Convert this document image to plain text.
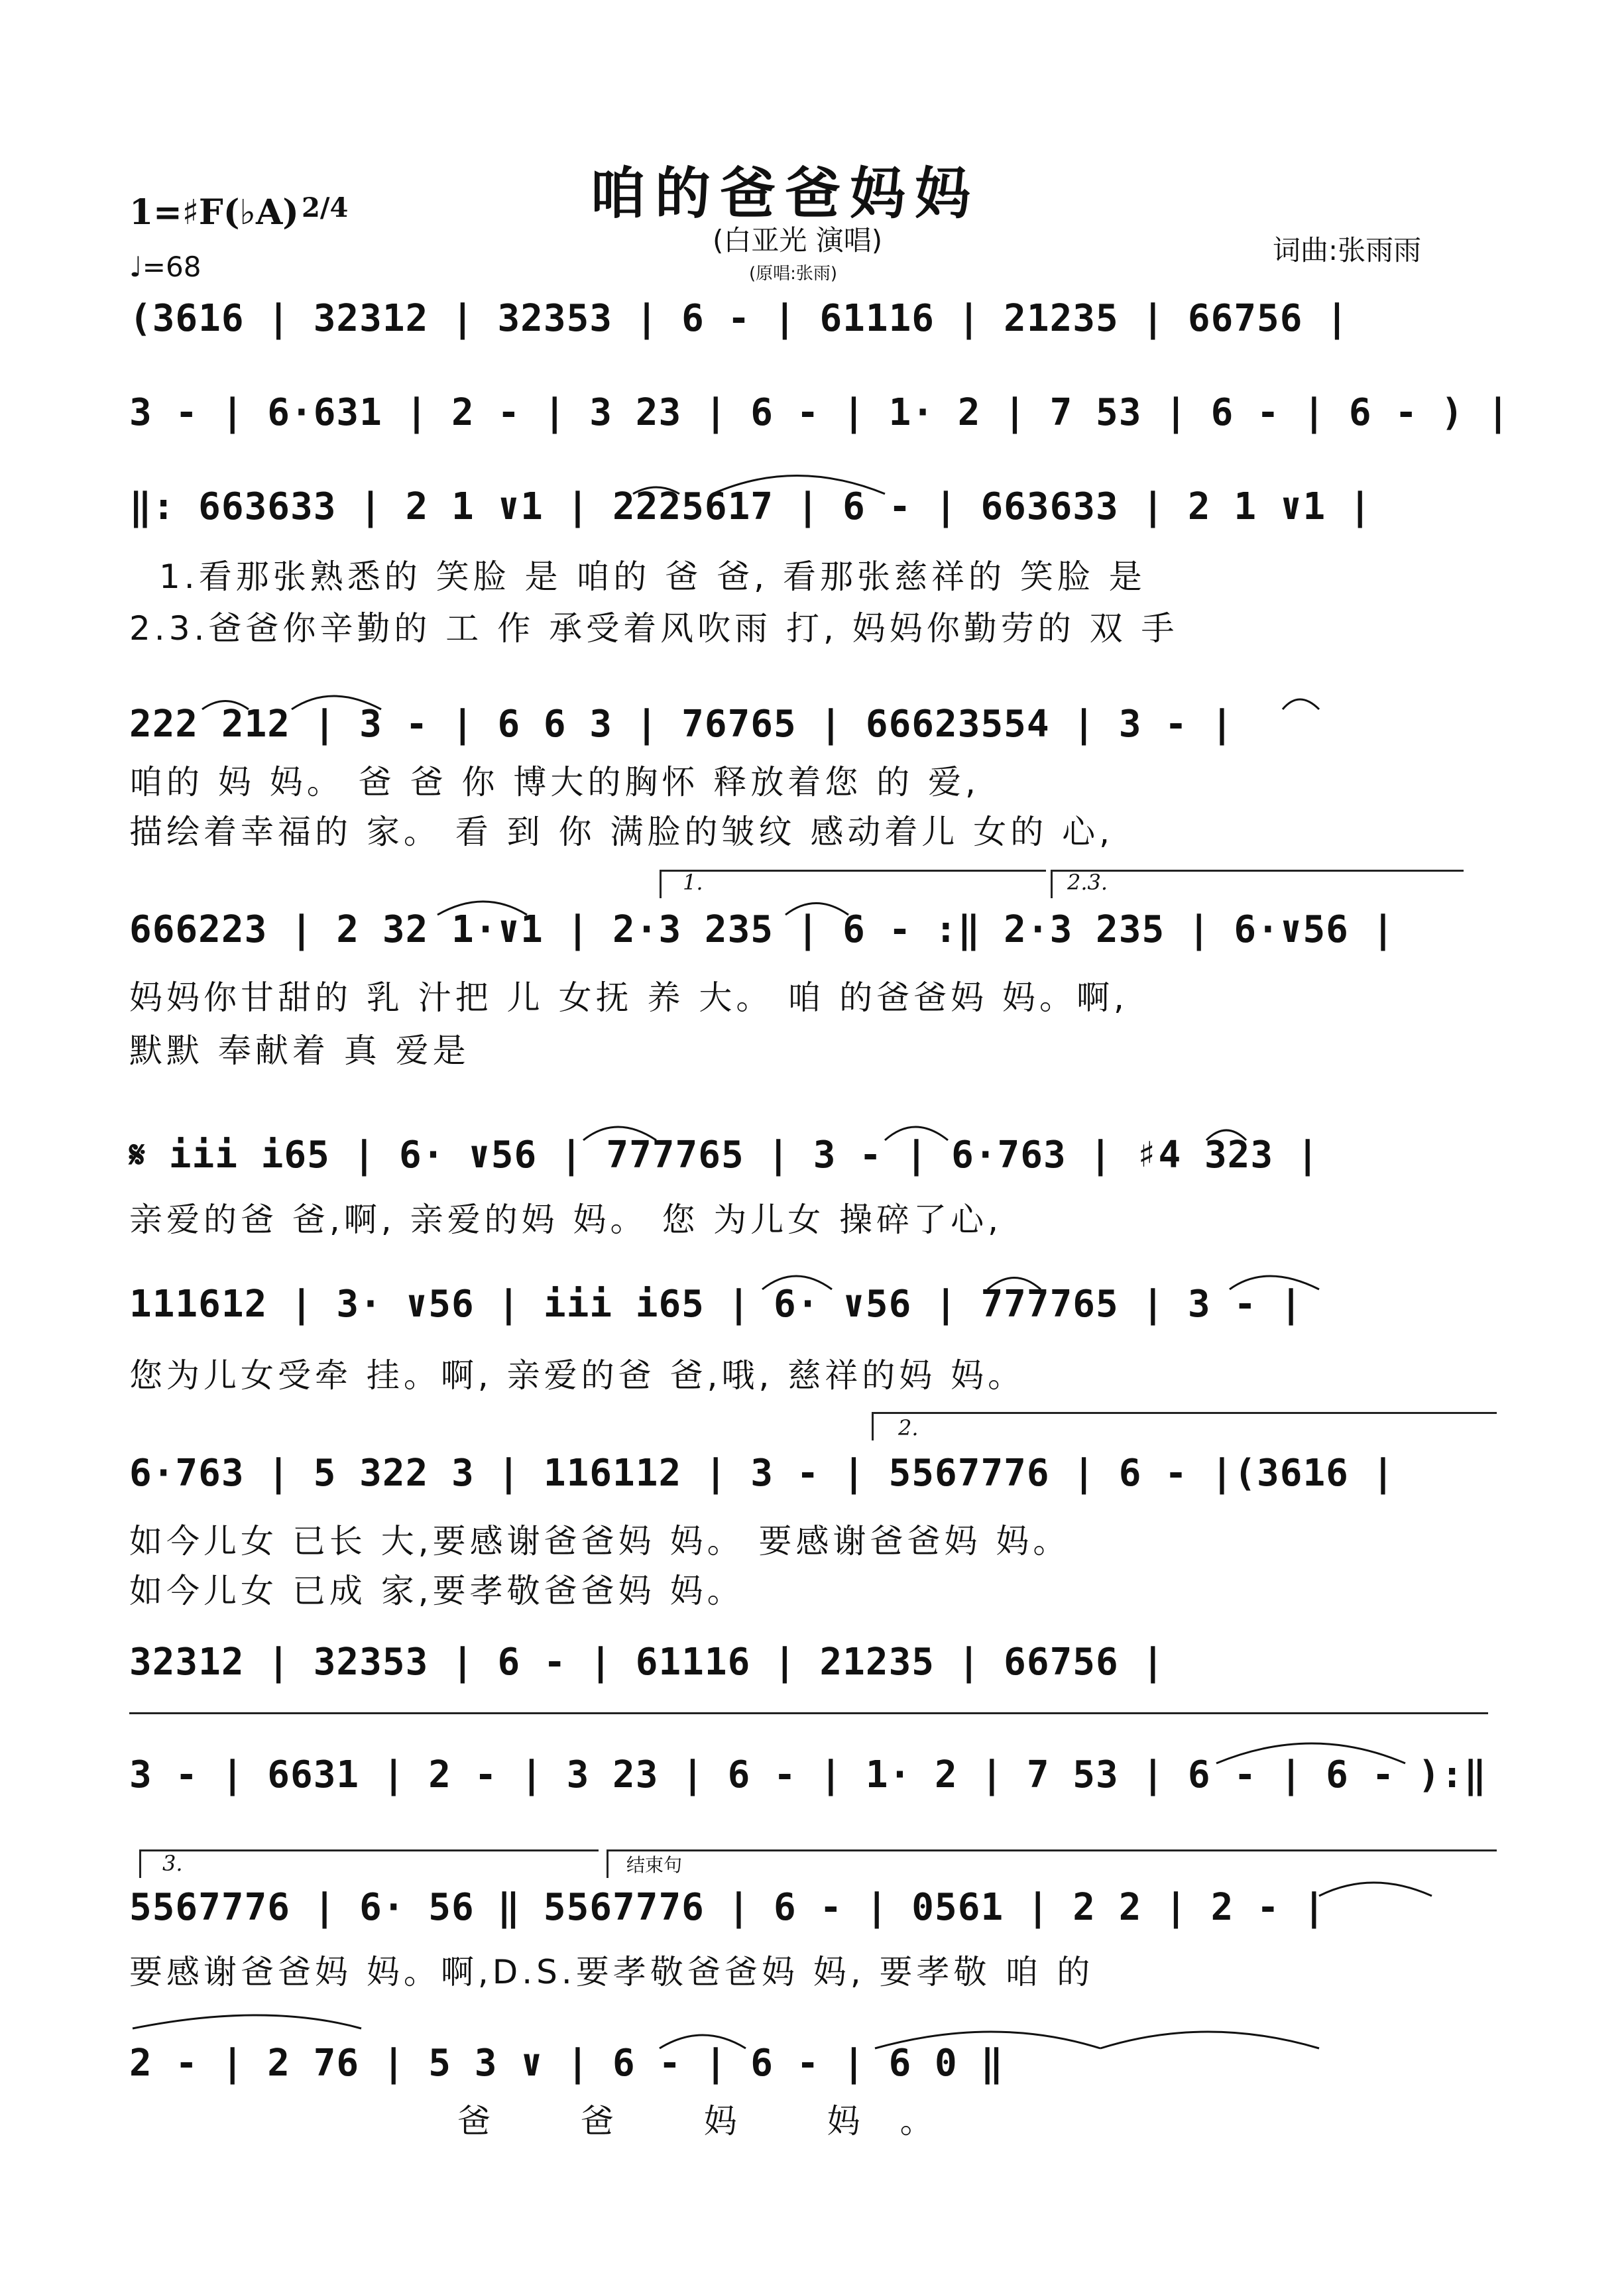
咱的爸爸妈妈
(白亚光 演唱)
(原唱:张雨)
词曲:张雨雨
1=♯F(♭A) 2/4
♩=68
(3616 | 32312 | 32353 | 6 - | 61116 | 21235 | 66756 |
3 - | 6·631 | 2 - | 3 23 | 6 - | 1· 2 | 7 53 | 6 - | 6 - ) |
‖: 663633 | 2 1 ∨1 | 2225617 | 6 - | 663633 | 2 1 ∨1 |
1.看那张熟悉的 笑脸 是 咱的 爸 爸, 看那张慈祥的 笑脸 是
2.3.爸爸你辛勤的 工 作 承受着风吹雨 打, 妈妈你勤劳的 双 手
222 212 | 3 - | 6 6 3 | 76765 | 66623554 | 3 - |
咱的 妈 妈。 爸 爸 你 博大的胸怀 释放着您 的 爱,
描绘着幸福的 家。 看 到 你 满脸的皱纹 感动着儿 女的 心,
1.	2.3.
666223 | 2 32 1·∨1 | 2·3 235 | 6 - :‖ 2·3 235 | 6·∨56 |
妈妈你甘甜的 乳 汁把 儿 女抚 养 大。 咱 的爸爸妈 妈。啊,
默默 奉献着 真 爱是
𝄋 iii i65 | 6· ∨56 | 777765 | 3 - | 6·763 | ♯4 323 |
亲爱的爸 爸,啊, 亲爱的妈 妈。 您 为儿女 操碎了心,
111612 | 3· ∨56 | iii i65 | 6· ∨56 | 777765 | 3 - |
您为儿女受牵 挂。啊, 亲爱的爸 爸,哦, 慈祥的妈 妈。
2.
6·763 | 5 322 3 | 116112 | 3 - | 5567776 | 6 - |(3616 |
如今儿女 已长 大,要感谢爸爸妈 妈。 要感谢爸爸妈 妈。
如今儿女 已成 家,要孝敬爸爸妈 妈。
32312 | 32353 | 6 - | 61116 | 21235 | 66756 |
3 - | 6631 | 2 - | 3 23 | 6 - | 1· 2 | 7 53 | 6 - | 6 - ):‖
3.	结束句
5567776 | 6· 56 ‖ 5567776 | 6 - | 0561 | 2 2 | 2 - |
要感谢爸爸妈 妈。啊,D.S.要孝敬爸爸妈 妈, 要孝敬 咱 的
2 - | 2 76 | 5 3 ∨ | 6 - | 6 - | 6 0 ‖
爸 爸 妈 妈。
